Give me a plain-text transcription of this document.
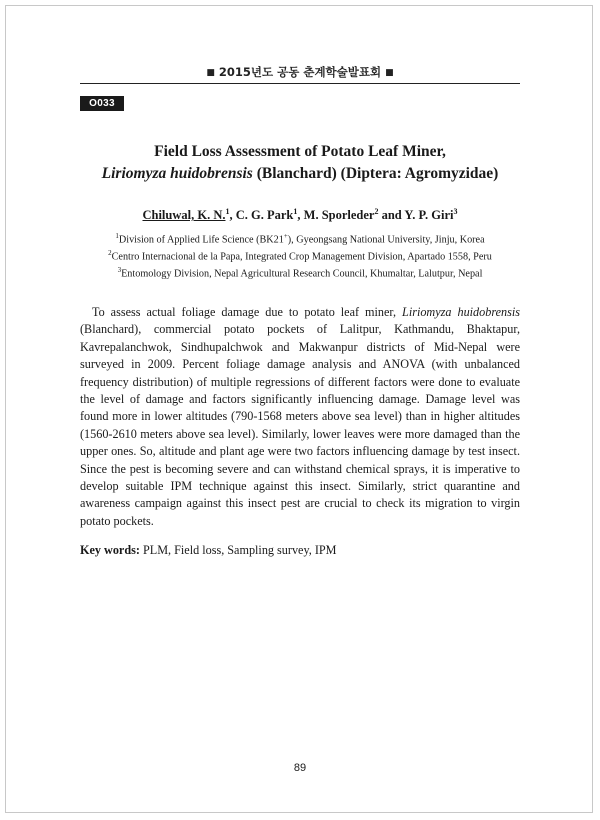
■ 2015년도 공동 춘계학술발표회 ■
O033
Field Loss Assessment of Potato Leaf Miner,
Liriomyza huidobrensis (Blanchard) (Diptera: Agromyzidae)
Chiluwal, K. N.$^1$, C. G. Park$^1$, M. Sporleder$^2$ and Y. P. Giri$^3$
$^1$Division of Applied Life Science (BK21+), Gyeongsang National University, Jinju, Korea
$^2$Centro Internacional de la Papa, Integrated Crop Management Division, Apartado 1558, Peru
$^3$Entomology Division, Nepal Agricultural Research Council, Khumaltar, Lalutpur, Nepal

To assess actual foliage damage due to potato leaf miner, Liriomyza huidobrensis (Blanchard), commercial potato pockets of Lalitpur, Kathmandu, Bhaktapur, Kavrepalanchwok, Sindhupalchwok and Makwanpur districts of Mid-Nepal were surveyed in 2009. Percent foliage damage analysis and ANOVA (with unbalanced frequency distribution) of multiple regressions of different factors were done to evaluate the level of damage and factors significantly influencing damage. Damage level was found more in lower altitudes (790-1568 meters above sea level) than in higher altitudes (1560-2610 meters above sea level). Similarly, lower leaves were more damaged than the upper ones. So, altitude and plant age were two factors influencing damage by test insect. Since the pest is becoming severe and can withstand chemical sprays, it is imperative to develop suitable IPM technique against this insect. Similarly, strict quarantine and awareness campaign against this insect pest are crucial to check its migration to virgin potato pockets.

Key words: PLM, Field loss, Sampling survey, IPM
89
